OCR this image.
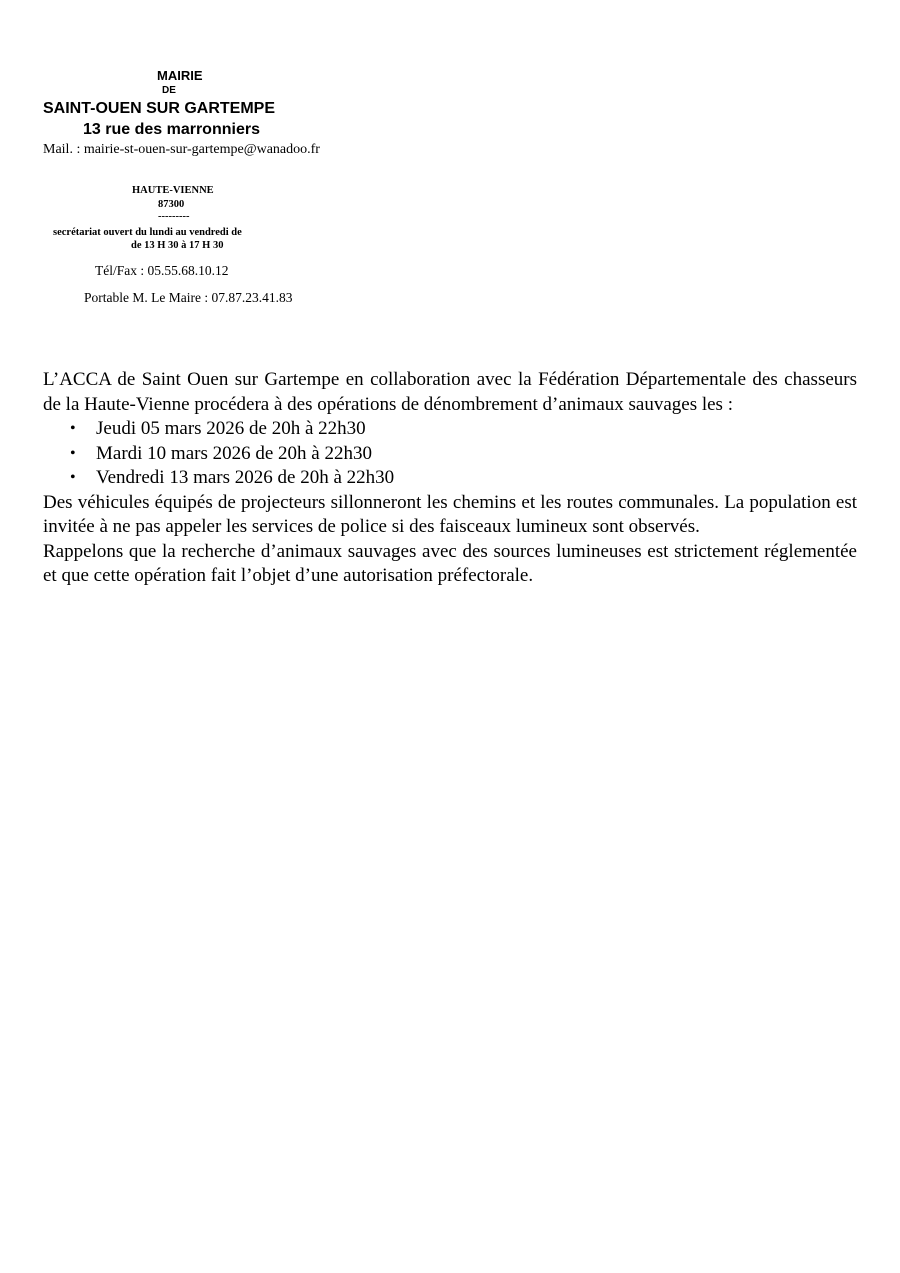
MAIRIE
DE
SAINT-OUEN SUR GARTEMPE
13 rue des marronniers
Mail. : mairie-st-ouen-sur-gartempe@wanadoo.fr
HAUTE-VIENNE
87300
---------
secrétariat ouvert du lundi au vendredi de
de 13 H 30 à 17 H 30
Tél/Fax : 05.55.68.10.12
Portable M. Le Maire : 07.87.23.41.83

L’ACCA de Saint Ouen sur Gartempe en collaboration avec la Fédération Départementale des chasseurs de la Haute-Vienne procédera à des opérations de dénombrement d’animaux sauvages les :

• Jeudi 05 mars 2026 de 20h à 22h30
• Mardi 10 mars 2026 de 20h à 22h30
• Vendredi 13 mars 2026 de 20h à 22h30

Des véhicules équipés de projecteurs sillonneront les chemins et les routes communales. La population est invitée à ne pas appeler les services de police si des faisceaux lumineux sont observés.

Rappelons que la recherche d’animaux sauvages avec des sources lumineuses est strictement réglementée et que cette opération fait l’objet d’une autorisation préfectorale.
